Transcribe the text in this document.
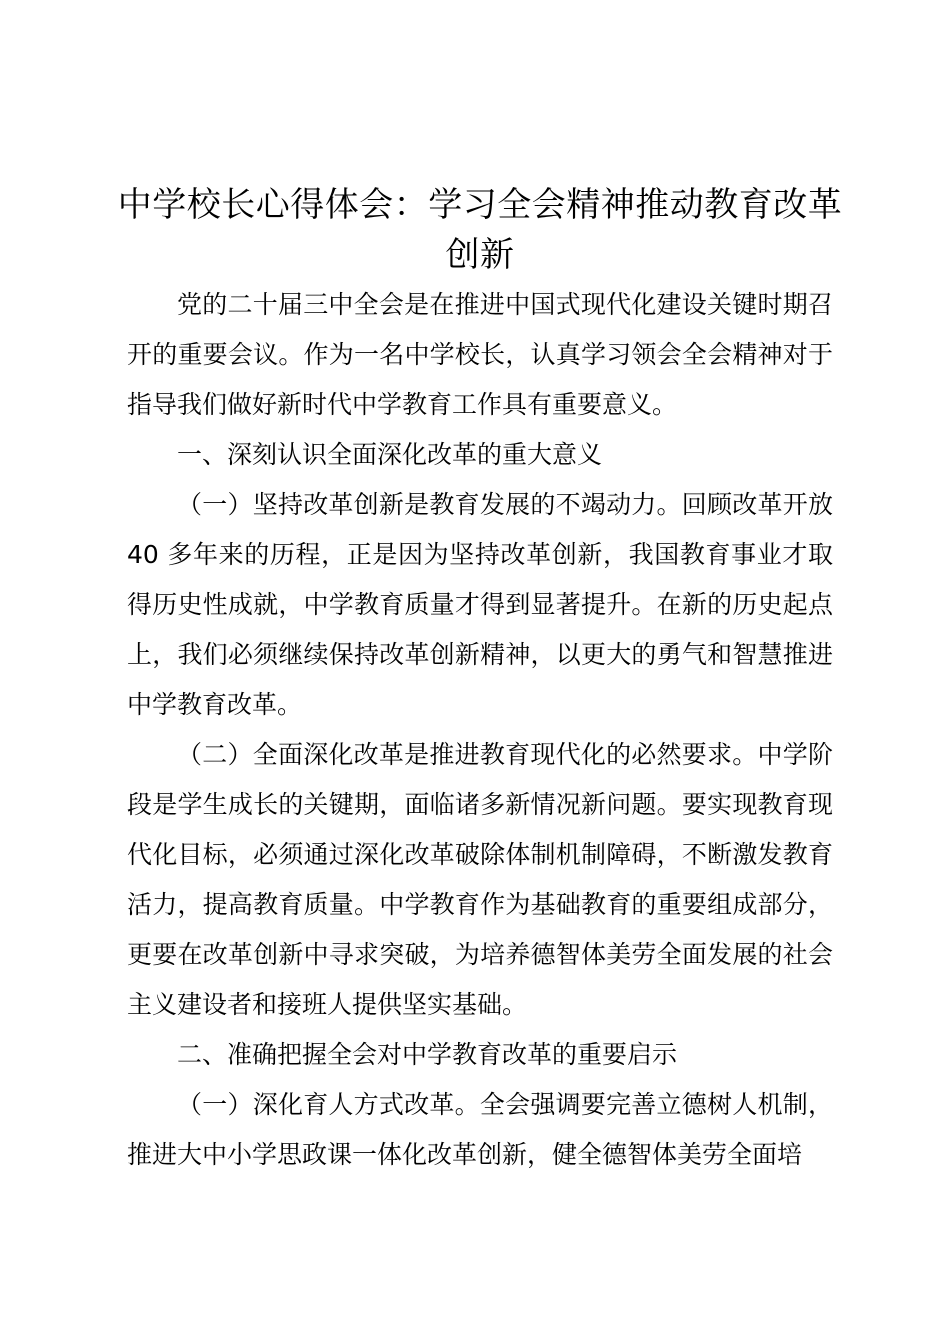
中学校长心得体会：学习全会精神推动教育改革创新

党的二十届三中全会是在推进中国式现代化建设关键时期召开的重要会议。作为一名中学校长，认真学习领会全会精神对于指导我们做好新时代中学教育工作具有重要意义。

一、深刻认识全面深化改革的重大意义

（一）坚持改革创新是教育发展的不竭动力。回顾改革开放 40 多年来的历程，正是因为坚持改革创新，我国教育事业才取得历史性成就，中学教育质量才得到显著提升。在新的历史起点上，我们必须继续保持改革创新精神，以更大的勇气和智慧推进中学教育改革。

（二）全面深化改革是推进教育现代化的必然要求。中学阶段是学生成长的关键期，面临诸多新情况新问题。要实现教育现代化目标，必须通过深化改革破除体制机制障碍，不断激发教育活力，提高教育质量。中学教育作为基础教育的重要组成部分，更要在改革创新中寻求突破，为培养德智体美劳全面发展的社会主义建设者和接班人提供坚实基础。

二、准确把握全会对中学教育改革的重要启示

（一）深化育人方式改革。全会强调要完善立德树人机制，推进大中小学思政课一体化改革创新，健全德智体美劳全面培
